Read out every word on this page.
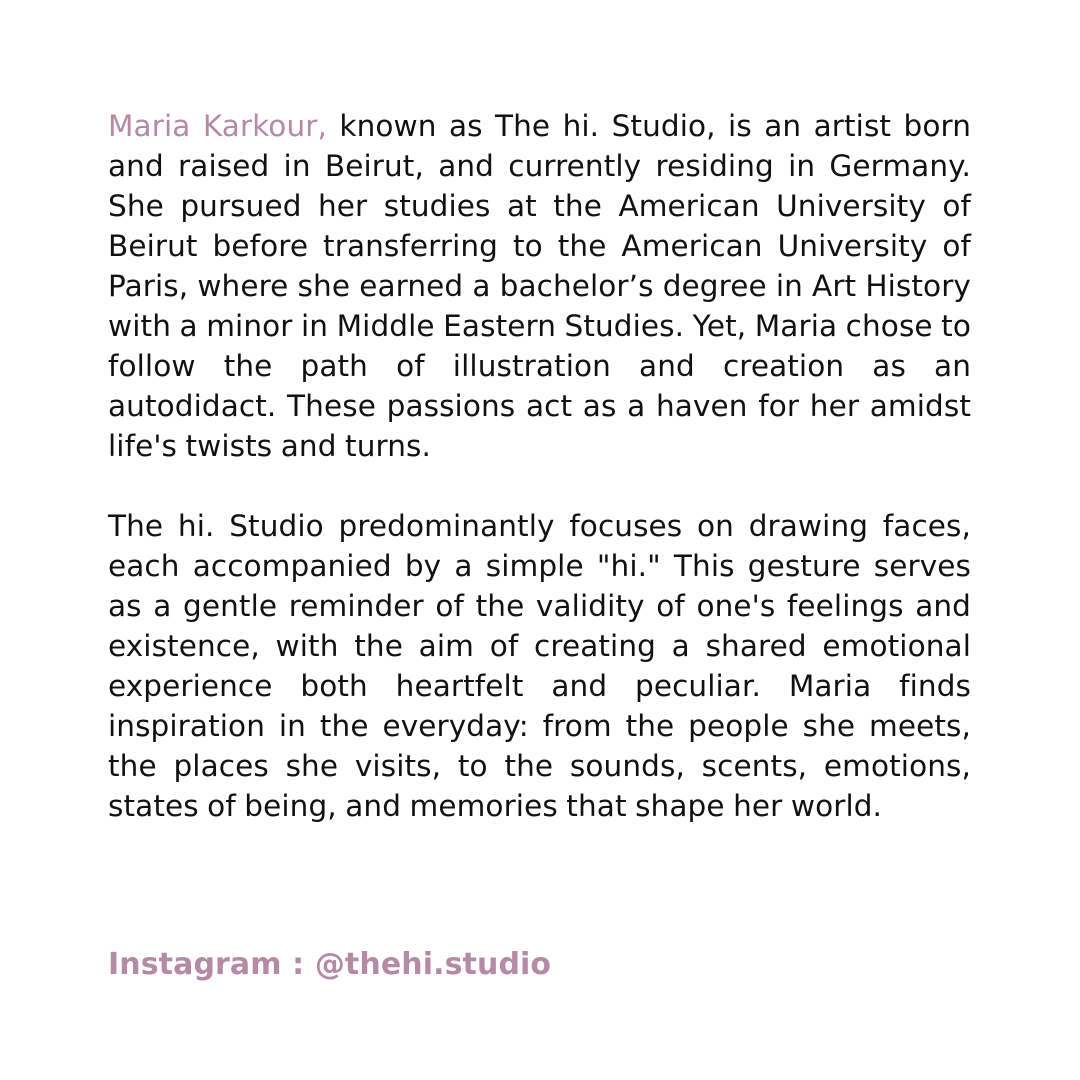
Maria Karkour, known as The hi. Studio, is an artist born and raised in Beirut, and currently residing in Germany. She pursued her studies at the American University of Beirut before transferring to the American University of Paris, where she earned a bachelor’s degree in Art History with a minor in Middle Eastern Studies. Yet, Maria chose to follow the path of illustration and creation as an autodidact. These passions act as a haven for her amidst life's twists and turns.

The hi. Studio predominantly focuses on drawing faces, each accompanied by a simple "hi." This gesture serves as a gentle reminder of the validity of one's feelings and existence, with the aim of creating a shared emotional experience both heartfelt and peculiar. Maria finds inspiration in the everyday: from the people she meets, the places she visits, to the sounds, scents, emotions, states of being, and memories that shape her world.

Instagram : @thehi.studio
